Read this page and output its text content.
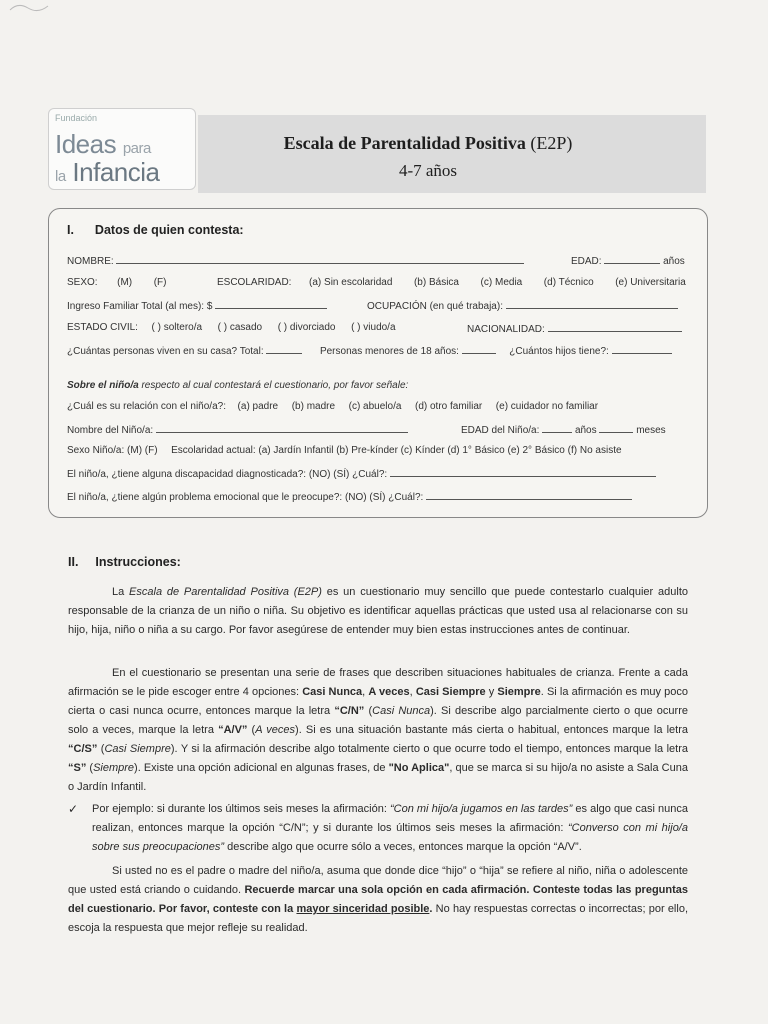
Fundación
Ideas para
la Infancia
Escala de Parentalidad Positiva (E2P)
4-7 años
I. Datos de quien contesta:
NOMBRE:	EDAD:	años
SEXO: (M) (F)	ESCOLARIDAD: (a) Sin escolaridad (b) Básica (c) Media (d) Técnico (e) Universitaria
Ingreso Familiar Total (al mes): $	OCUPACIÓN (en qué trabaja):
ESTADO CIVIL: ( ) soltero/a ( ) casado ( ) divorciado ( ) viudo/a	NACIONALIDAD:
¿Cuántas personas viven en su casa? Total:	Personas menores de 18 años:	¿Cuántos hijos tiene?:
Sobre el niño/a respecto al cual contestará el cuestionario, por favor señale:
¿Cuál es su relación con el niño/a?: (a) padre (b) madre (c) abuelo/a (d) otro familiar (e) cuidador no familiar
Nombre del Niño/a:	EDAD del Niño/a:	años	meses
Sexo Niño/a: (M) (F) Escolaridad actual: (a) Jardín Infantil (b) Pre-kínder (c) Kínder (d) 1° Básico (e) 2° Básico (f) No asiste
El niño/a, ¿tiene alguna discapacidad diagnosticada?: (NO) (SÍ) ¿Cuál?:
El niño/a, ¿tiene algún problema emocional que le preocupe?: (NO) (SÍ) ¿Cuál?:
II. Instrucciones:
La Escala de Parentalidad Positiva (E2P) es un cuestionario muy sencillo que puede contestarlo cualquier adulto responsable de la crianza de un niño o niña. Su objetivo es identificar aquellas prácticas que usted usa al relacionarse con su hijo, hija, niño o niña a su cargo. Por favor asegúrese de entender muy bien estas instrucciones antes de continuar.
En el cuestionario se presentan una serie de frases que describen situaciones habituales de crianza. Frente a cada afirmación se le pide escoger entre 4 opciones: Casi Nunca, A veces, Casi Siempre y Siempre. Si la afirmación es muy poco cierta o casi nunca ocurre, entonces marque la letra “C/N” (Casi Nunca). Si describe algo parcialmente cierto o que ocurre solo a veces, marque la letra “A/V” (A veces). Si es una situación bastante más cierta o habitual, entonces marque la letra “C/S” (Casi Siempre). Y si la afirmación describe algo totalmente cierto o que ocurre todo el tiempo, entonces marque la letra “S” (Siempre). Existe una opción adicional en algunas frases, de "No Aplica", que se marca si su hijo/a no asiste a Sala Cuna o Jardín Infantil.
✓ Por ejemplo: si durante los últimos seis meses la afirmación: “Con mi hijo/a jugamos en las tardes” es algo que casi nunca realizan, entonces marque la opción “C/N”; y si durante los últimos seis meses la afirmación: “Converso con mi hijo/a sobre sus preocupaciones” describe algo que ocurre sólo a veces, entonces marque la opción “A/V”.
Si usted no es el padre o madre del niño/a, asuma que donde dice “hijo” o “hija” se refiere al niño, niña o adolescente que usted está criando o cuidando. Recuerde marcar una sola opción en cada afirmación. Conteste todas las preguntas del cuestionario. Por favor, conteste con la mayor sinceridad posible. No hay respuestas correctas o incorrectas; por ello, escoja la respuesta que mejor refleje su realidad.
